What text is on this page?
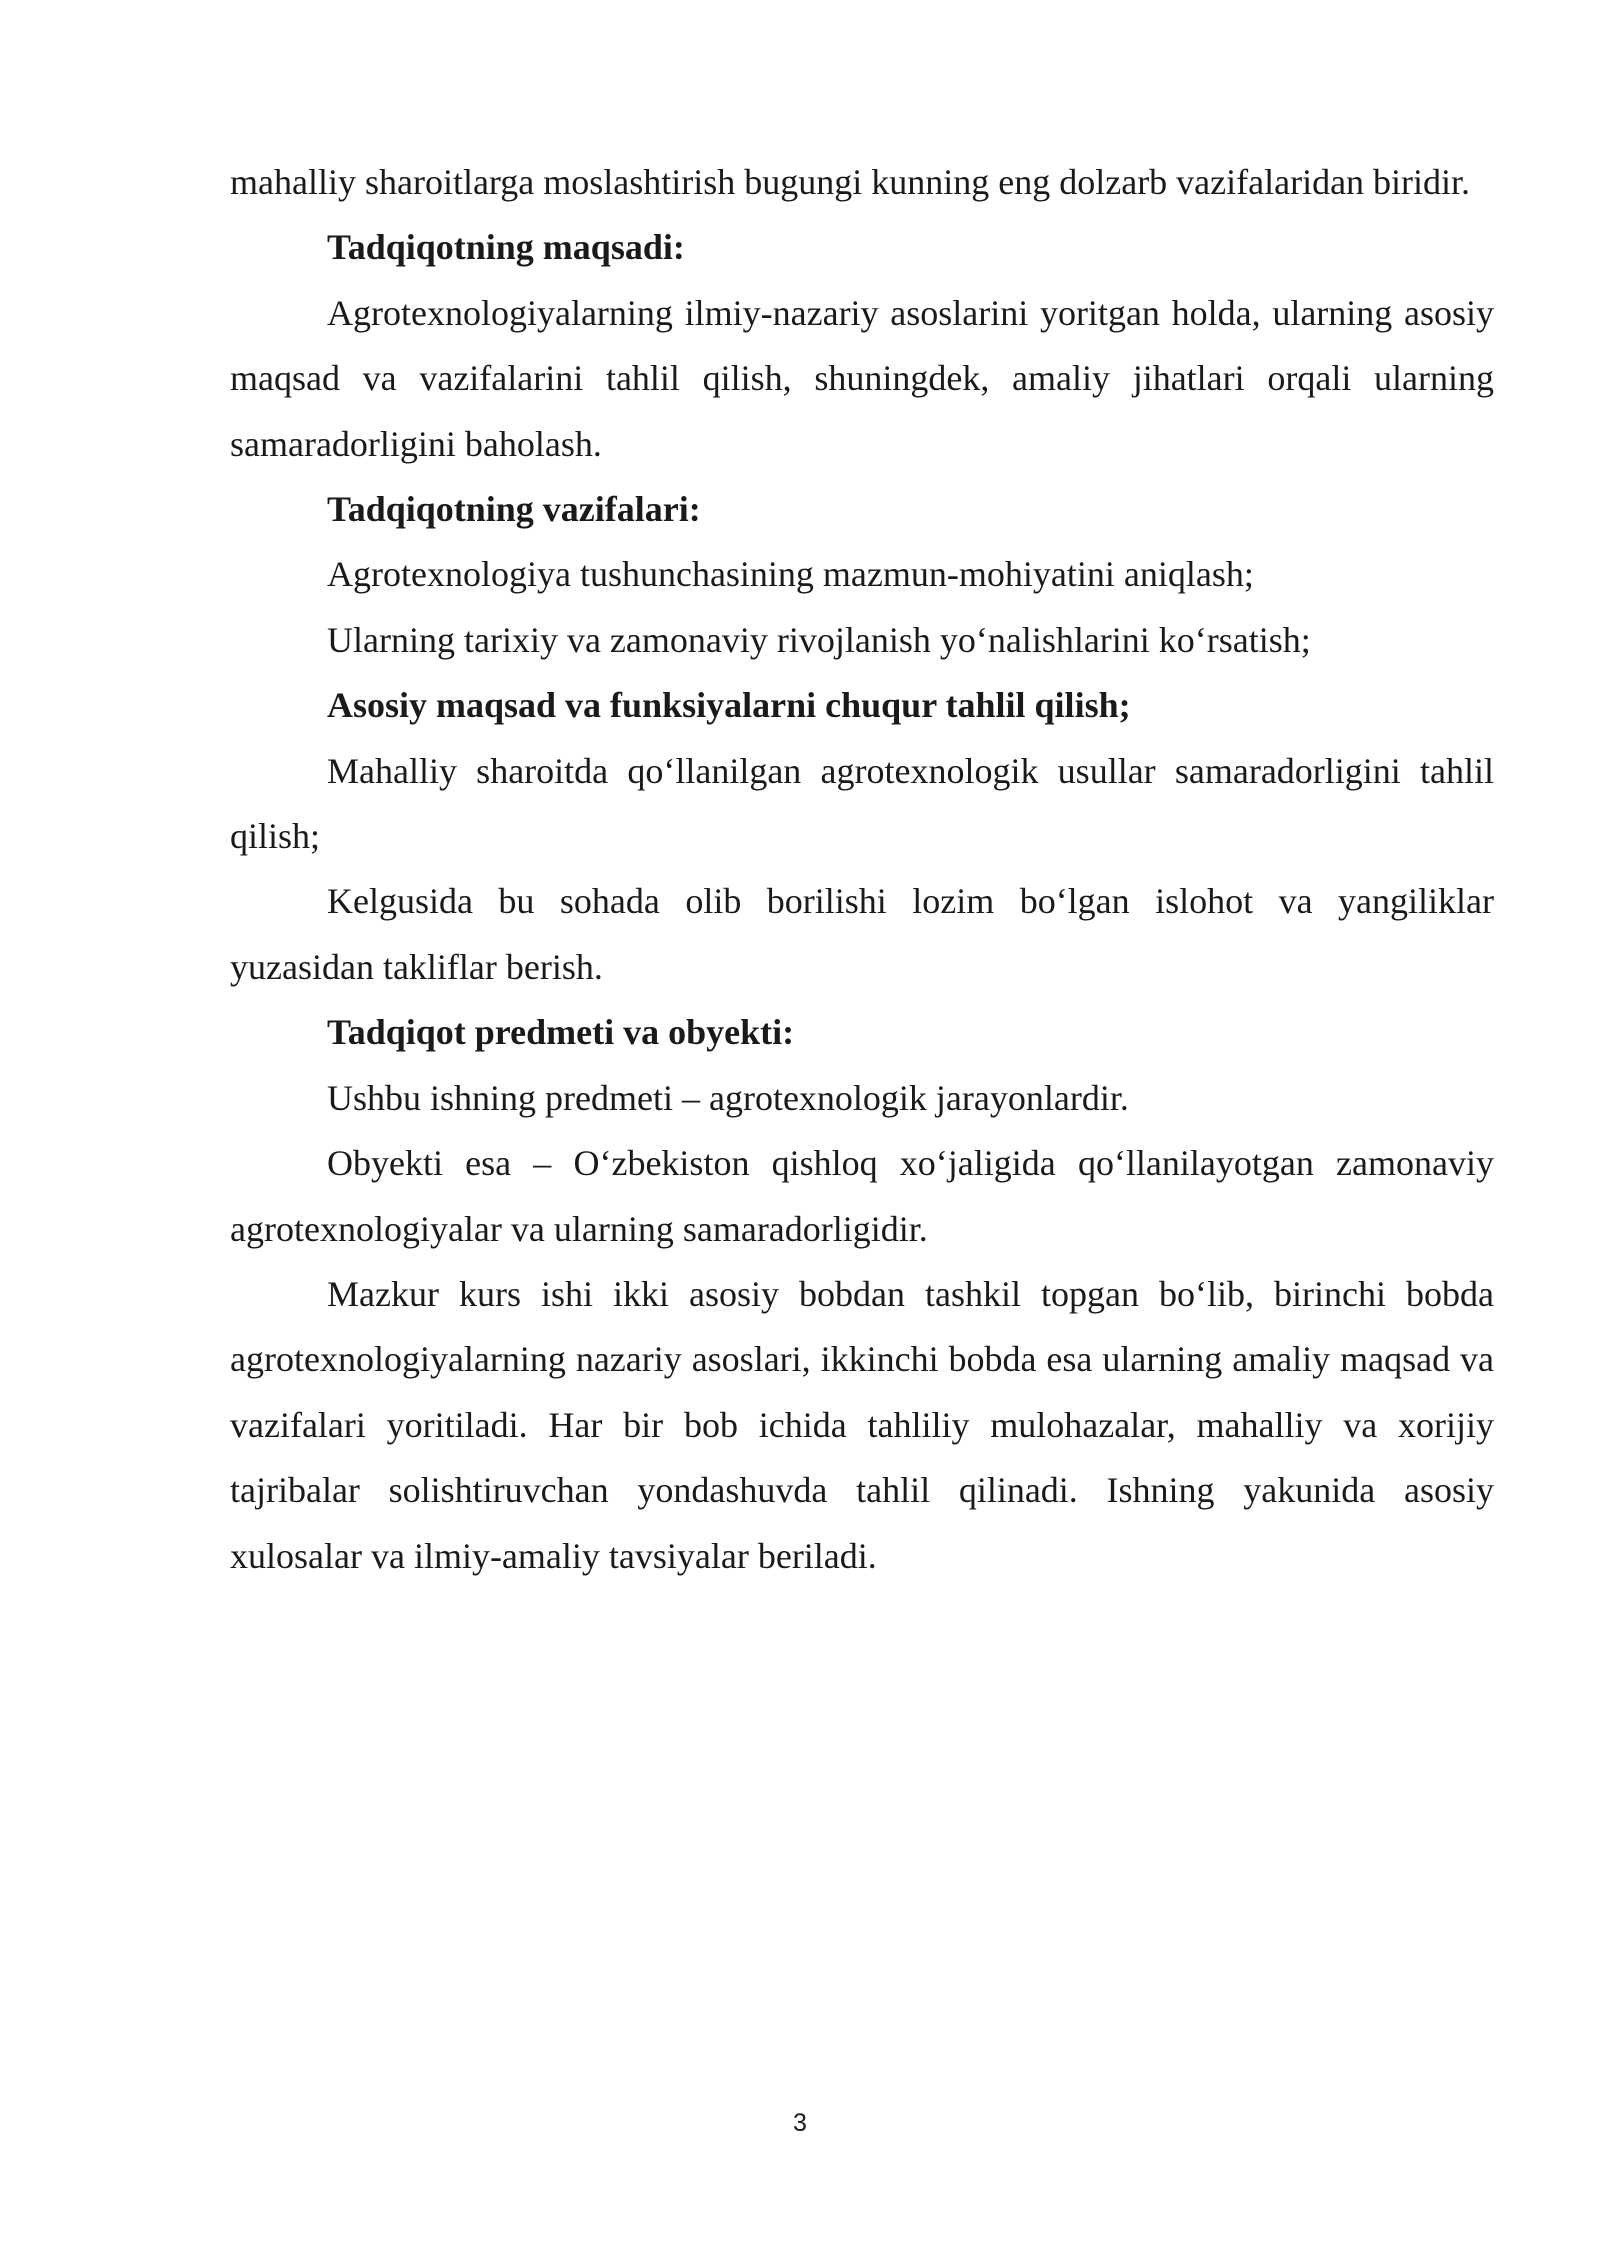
mahalliy sharoitlarga moslashtirish bugungi kunning eng dolzarb vazifalaridan biridir.

Tadqiqotning maqsadi:

Agrotexnologiyalarning ilmiy-nazariy asoslarini yoritgan holda, ularning asosiy maqsad va vazifalarini tahlil qilish, shuningdek, amaliy jihatlari orqali ularning samaradorligini baholash.

Tadqiqotning vazifalari:

Agrotexnologiya tushunchasining mazmun-mohiyatini aniqlash;

Ularning tarixiy va zamonaviy rivojlanish yo‘nalishlarini ko‘rsatish;

Asosiy maqsad va funksiyalarni chuqur tahlil qilish;

Mahalliy sharoitda qo‘llanilgan agrotexnologik usullar samaradorligini tahlil qilish;

Kelgusida bu sohada olib borilishi lozim bo‘lgan islohot va yangiliklar yuzasidan takliflar berish.

Tadqiqot predmeti va obyekti:

Ushbu ishning predmeti – agrotexnologik jarayonlardir.

Obyekti esa – O‘zbekiston qishloq xo‘jaligida qo‘llanilayotgan zamonaviy agrotexnologiyalar va ularning samaradorligidir.

Mazkur kurs ishi ikki asosiy bobdan tashkil topgan bo‘lib, birinchi bobda agrotexnologiyalarning nazariy asoslari, ikkinchi bobda esa ularning amaliy maqsad va vazifalari yoritiladi. Har bir bob ichida tahliliy mulohazalar, mahalliy va xorijiy tajribalar solishtiruvchan yondashuvda tahlil qilinadi. Ishning yakunida asosiy xulosalar va ilmiy-amaliy tavsiyalar beriladi.

3
